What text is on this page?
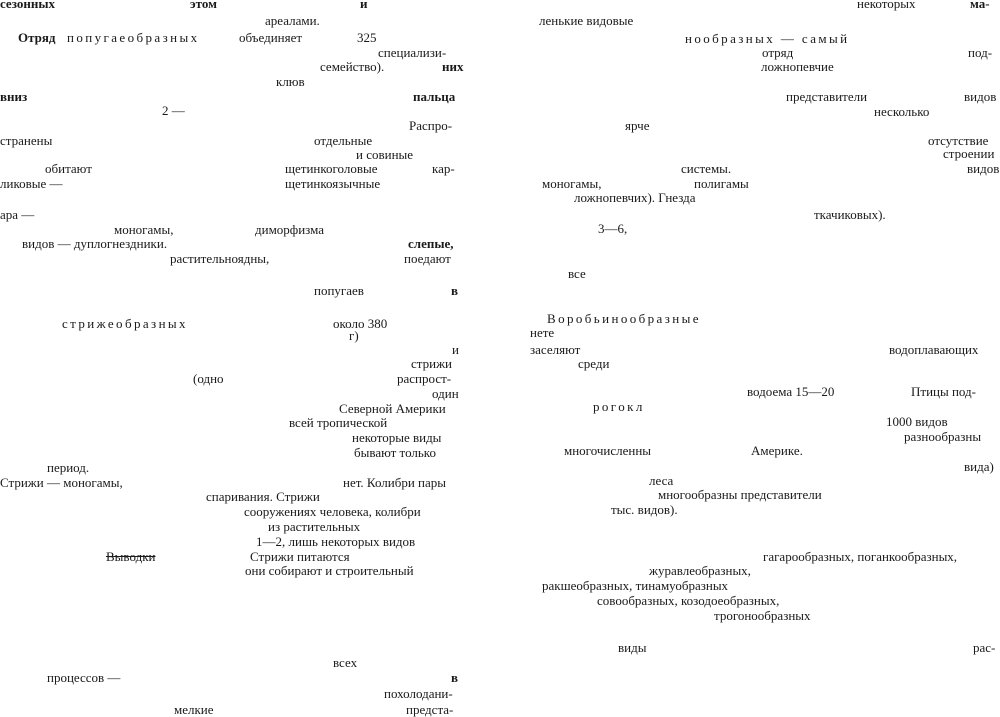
сезонных	этом	и
ареалами.
Отряд попугаеобразных	объединяет	325
специализи-
семейство).	них
клюв
вниз	пальца
2 —
Распро-
странены	отдельные
и совиные
обитают	щетинкоголовые	кар-
ликовые —	щетинкоязычные
ара —
моногамы,	диморфизма
видов — дуплогнездники.	слепые,
растительноядны,	поедают
попугаев	в
стрижеобразных	около 380
г)
и
стрижи
(одно	распрост-
один
Северной Америки
всей тропической
некоторые виды
бывают только
период.
Стрижи — моногамы,	нет. Колибри пары
спаривания. Стрижи
сооружениях человека, колибри
из растительных
1—2, лишь некоторых видов
Выводки	Стрижи питаются
они собирают и строительный
всех
процессов —	в
похолодани-
мелкие	предста-
некоторых	ма-
ленькие видовые
нообразных — самый
отряд	под-
ложнопевчие
представители	видов
несколько
ярче
отсутствие
строении
системы.	видов
моногамы,	полигамы
ложнопевчих). Гнезда
ткачиковых).
3—6,
все
Воробьинообразные
нете
заселяют	водоплавающих
среди
водоема 15—20	Птицы под-
рогокл
1000 видов
разнообразны
многочисленны	Америке.
вида)
леса
многообразны представители
тыс. видов).
гагарообразных, поганкообразных,
журавлеобразных,
ракшеобразных, тинамуобразных
совообразных, козодоеобразных,
трогонообразных
виды	рас-
